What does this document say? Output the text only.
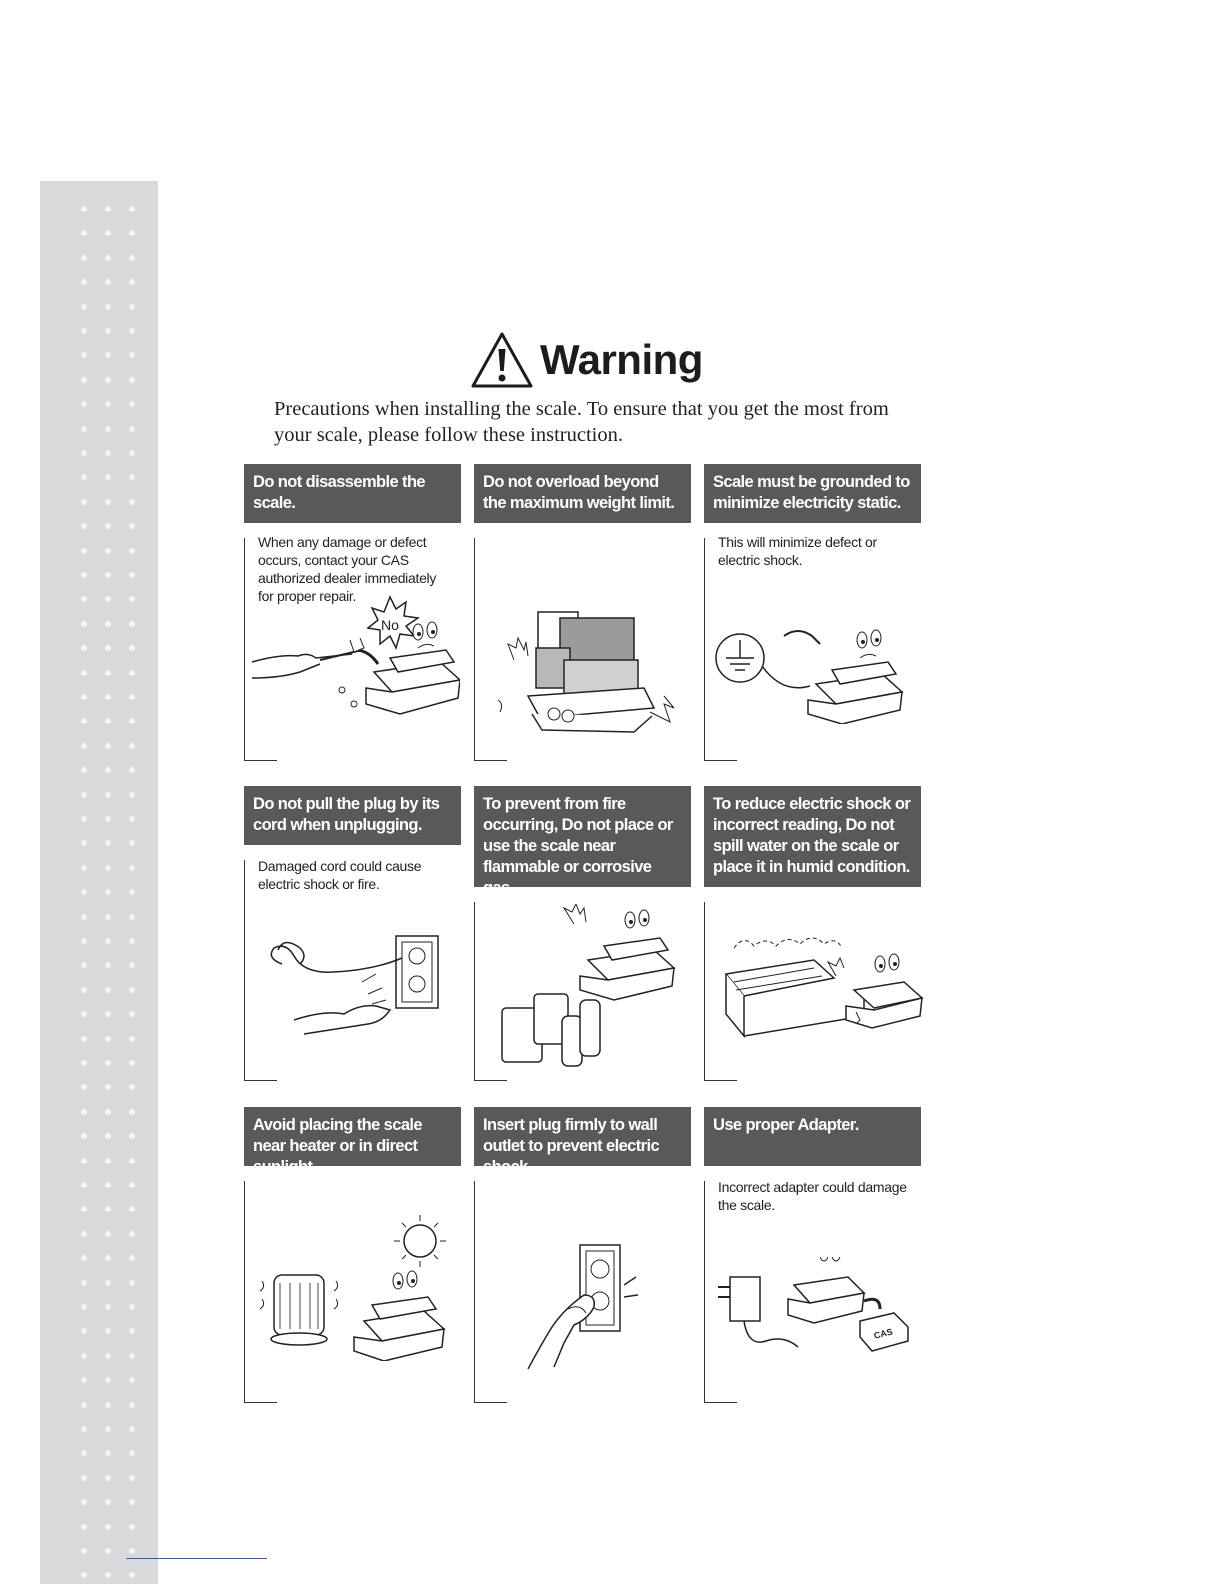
Warning
Precautions when installing the scale. To ensure that you get the most from your scale, please follow these instruction.
Do not disassemble the scale.
When any damage or defect occurs, contact your CAS authorized dealer immediately for proper repair.
No
Do not overload beyond the maximum weight limit.
Scale must be grounded to minimize electricity static.
This will minimize defect or electric shock.
Do not pull the plug by its cord when unplugging.
Damaged cord could cause electric shock or fire.
To prevent from fire occurring, Do not place or use the scale near flammable or corrosive gas.
To reduce electric shock or incorrect reading, Do not spill water on the scale or place it in humid condition.
Avoid placing the scale near heater or in direct sunlight.
Insert plug firmly to wall outlet to prevent electric shock.
Use proper Adapter.
Incorrect adapter could damage the scale.
CAS
